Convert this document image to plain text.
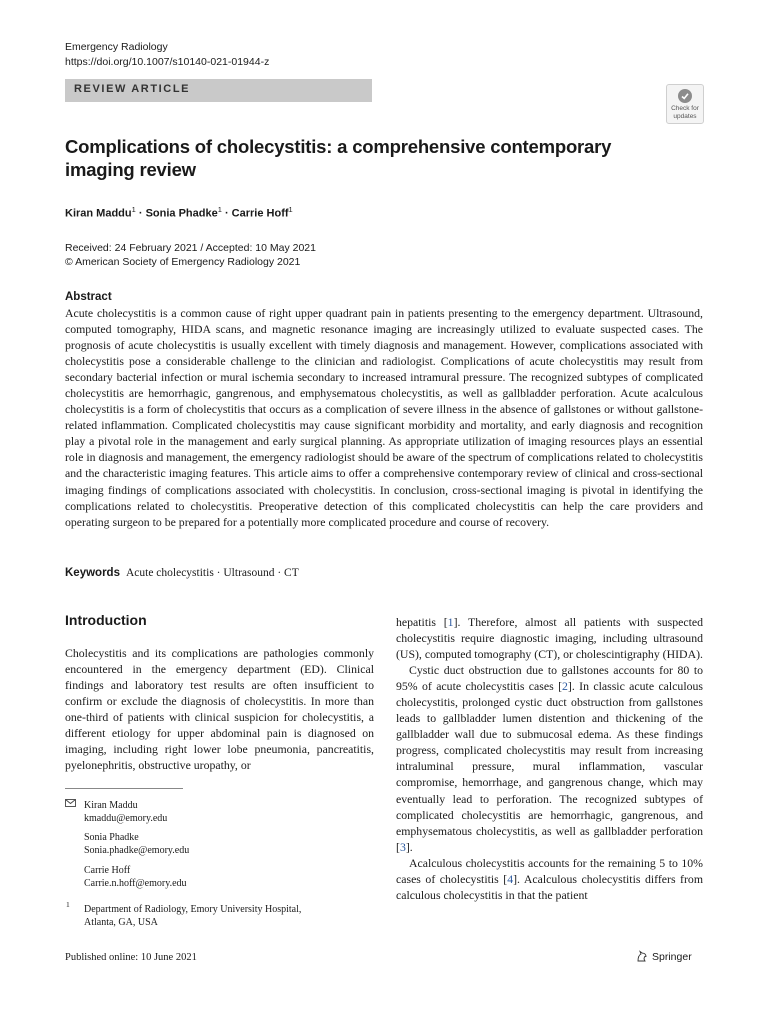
Emergency Radiology
https://doi.org/10.1007/s10140-021-01944-z
REVIEW ARTICLE
Check for
updates
Complications of cholecystitis: a comprehensive contemporary imaging review
Kiran Maddu$^1$ · Sonia Phadke$^1$ · Carrie Hoff$^1$
Received: 24 February 2021 / Accepted: 10 May 2021
© American Society of Emergency Radiology 2021
Abstract

Acute cholecystitis is a common cause of right upper quadrant pain in patients presenting to the emergency department. Ultrasound, computed tomography, HIDA scans, and magnetic resonance imaging are increasingly utilized to evaluate suspected cases. The prognosis of acute cholecystitis is usually excellent with timely diagnosis and management. However, complications associated with cholecystitis pose a considerable challenge to the clinician and radiologist. Complications of acute cholecystitis may result from secondary bacterial infection or mural ischemia secondary to increased intramural pressure. The recognized subtypes of complicated cholecystitis are hemorrhagic, gangrenous, and emphysematous cholecystitis, as well as gallbladder perforation. Acute acalculous cholecystitis is a form of cholecystitis that occurs as a complication of severe illness in the absence of gallstones or without gallstone-related inflammation. Complicated cholecystitis may cause significant morbidity and mortality, and early diagnosis and recognition play a pivotal role in the management and early surgical planning. As appropriate utilization of imaging resources plays an essential role in diagnosis and management, the emergency radiologist should be aware of the spectrum of complications related to cholecystitis and the characteristic imaging features. This article aims to offer a comprehensive contemporary review of clinical and cross-sectional imaging findings of complications associated with cholecystitis. In conclusion, cross-sectional imaging is pivotal in identifying the complications related to cholecystitis. Preoperative detection of this complicated cholecystitis can help the care providers and operating surgeon to be prepared for a potentially more complicated procedure and course of recovery.

Keywords Acute cholecystitis · Ultrasound · CT
Introduction

Cholecystitis and its complications are pathologies commonly encountered in the emergency department (ED). Clinical findings and laboratory test results are often insufficient to confirm or exclude the diagnosis of cholecystitis. In more than one-third of patients with clinical suspicion for cholecystitis, a different etiology for upper abdominal pain is diagnosed on imaging, including right lower lobe pneumonia, pancreatitis, pyelonephritis, obstructive uropathy, or

hepatitis [1]. Therefore, almost all patients with suspected cholecystitis require diagnostic imaging, including ultrasound (US), computed tomography (CT), or cholescintigraphy (HIDA).

Cystic duct obstruction due to gallstones accounts for 80 to 95% of acute cholecystitis cases [2]. In classic acute calculous cholecystitis, prolonged cystic duct obstruction from gallstones leads to gallbladder lumen distention and thickening of the gallbladder wall due to submucosal edema. As these findings progress, complicated cholecystitis may result from increasing intraluminal pressure, mural inflammation, vascular compromise, hemorrhage, and gangrenous change, which may eventually lead to perforation. The recognized subtypes of complicated cholecystitis are hemorrhagic, gangrenous, and emphysematous cholecystitis, as well as gallbladder perforation [3].

Acalculous cholecystitis accounts for the remaining 5 to 10% cases of cholecystitis [4]. Acalculous cholecystitis differs from calculous cholecystitis in that the patient

Kiran Maddu
kmaddu@emory.edu
Sonia Phadke
Sonia.phadke@emory.edu
Carrie Hoff
Carrie.n.hoff@emory.edu
1 Department of Radiology, Emory University Hospital,
Atlanta, GA, USA
Published online: 10 June 2021	Springer
